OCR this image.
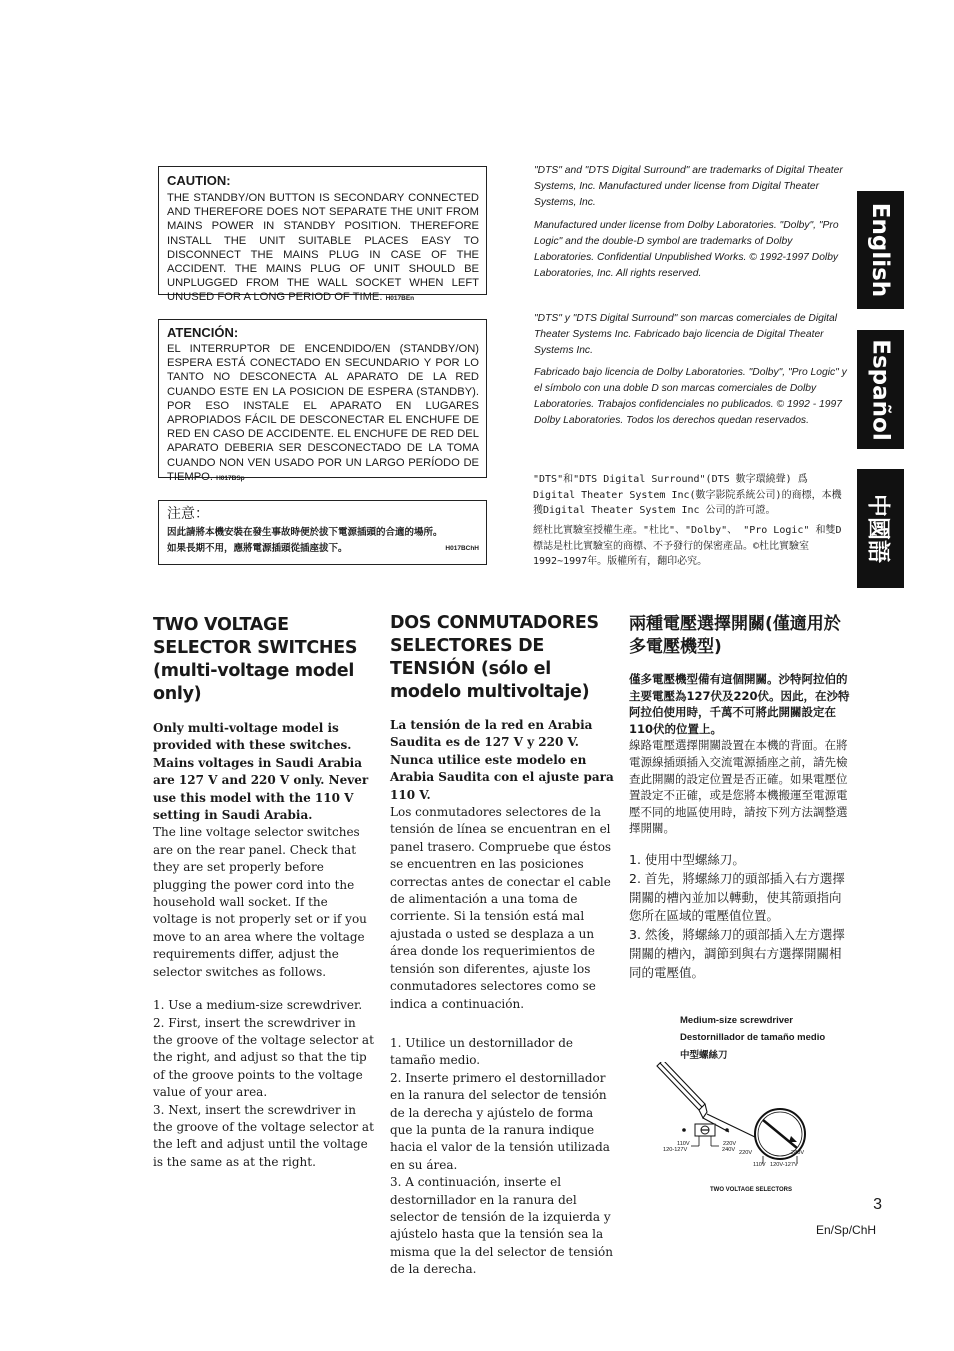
CAUTION:
THE STANDBY/ON BUTTON IS SECONDARY CONNECTED AND THEREFORE DOES NOT SEPARATE THE UNIT FROM MAINS POWER IN STANDBY POSITION. THEREFORE INSTALL THE UNIT SUITABLE PLACES EASY TO DISCONNECT THE MAINS PLUG IN CASE OF THE ACCIDENT. THE MAINS PLUG OF UNIT SHOULD BE UNPLUGGED FROM THE WALL SOCKET WHEN LEFT UNUSED FOR A LONG PERIOD OF TIME. H017BEn
ATENCIÓN:
EL INTERRUPTOR DE ENCENDIDO/EN (STANDBY/ON) ESPERA ESTÁ CONECTADO EN SECUNDARIO Y POR LO TANTO NO DESCONECTA AL APARATO DE LA RED CUANDO ESTE EN LA POSICION DE ESPERA (STANDBY). POR ESO INSTALE EL APARATO EN LUGARES APROPIADOS FÁCIL DE DESCONECTAR EL ENCHUFE DE RED EN CASO DE ACCIDENTE. EL ENCHUFE DE RED DEL APARATO DEBERIA SER DESCONECTADO DE LA TOMA CUANDO NON VEN USADO POR UN LARGO PERÍODO DE TIEMPO. H017BSp
注意：
因此請將本機安裝在發生事故時便於拔下電源插頭的合適的場所。
如果長期不用，應將電源插頭從插座拔下。	H017BChH
"DTS" and "DTS Digital Surround" are trademarks of Digital Theater Systems, Inc. Manufactured under license from Digital Theater Systems, Inc.
Manufactured under license from Dolby Laboratories. "Dolby", "Pro Logic" and the double-D symbol are trademarks of Dolby Laboratories. Confidential Unpublished Works. © 1992-1997 Dolby Laboratories, Inc. All rights reserved.
"DTS" y "DTS Digital Surround" son marcas comerciales de Digital Theater Systems Inc. Fabricado bajo licencia de Digital Theater Systems Inc.
Fabricado bajo licencia de Dolby Laboratories. "Dolby", "Pro Logic" y el símbolo con una doble D son marcas comerciales de Dolby Laboratories. Trabajos confidenciales no publicados. © 1992 - 1997 Dolby Laboratories. Todos los derechos quedan reservados.
"DTS"和"DTS Digital Surround"(DTS 數字環繞聲) 爲 Digital Theater System Inc(數字影院系統公司)的商標，本機獲Digital Theater System Inc 公司的許可證。
經杜比實驗室授權生產。"杜比"、"Dolby"、 "Pro Logic" 和雙D標誌是杜比實驗室的商標、不予發行的保密產品。©杜比實驗室1992~1997年。版權所有，翻印必究。
English
Español
中國語
TWO VOLTAGE SELECTOR SWITCHES (multi-voltage model only)
Only multi-voltage model is provided with these switches. Mains voltages in Saudi Arabia are 127 V and 220 V only. Never use this model with the 110 V setting in Saudi Arabia.
The line voltage selector switches are on the rear panel. Check that they are set properly before plugging the power cord into the household wall socket. If the voltage is not properly set or if you move to an area where the voltage requirements differ, adjust the selector switches as follows.
1. Use a medium-size screwdriver.
2. First, insert the screwdriver in the groove of the voltage selector at the right, and adjust so that the tip of the groove points to the voltage value of your area.
3. Next, insert the screwdriver in the groove of the voltage selector at the left and adjust until the voltage is the same as at the right.
DOS CONMUTADORES SELECTORES DE TENSIÓN (sólo el modelo multivoltaje)
La tensión de la red en Arabia Saudita es de 127 V y 220 V. Nunca utilice este modelo en Arabia Saudita con el ajuste para 110 V.
Los conmutadores selectores de la tensión de línea se encuentran en el panel trasero. Compruebe que éstos se encuentren en las posiciones correctas antes de conectar el cable de alimentación a una toma de corriente. Si la tensión está mal ajustada o usted se desplaza a un área donde los requerimientos de tensión son diferentes, ajuste los conmutadores selectores como se indica a continuación.
1. Utilice un destornillador de tamaño medio.
2. Inserte primero el destornillador en la ranura del selector de tensión de la derecha y ajústelo de forma que la punta de la ranura indique hacia el valor de la tensión utilizada en su área.
3. A continuación, inserte el destornillador en la ranura del selector de tensión de la izquierda y ajústelo hasta que la tensión sea la misma que la del selector de tensión de la derecha.
兩種電壓選擇開關(僅適用於多電壓機型)
僅多電壓機型備有這個開關。沙特阿拉伯的主要電壓為127伏及220伏。因此，在沙特阿拉伯使用時，千萬不可將此開關設定在110伏的位置上。
線路電壓選擇開關設置在本機的背面。在將電源線插頭插入交流電源插座之前，請先檢查此開關的設定位置是否正確。如果電壓位置設定不正確，或是您將本機搬運至電源電壓不同的地區使用時，請按下列方法調整選擇開關。
1. 使用中型螺絲刀。
2. 首先，將螺絲刀的頭部插入右方選擇開關的槽內並加以轉動，使其箭頭指向您所在區域的電壓值位置。
3. 然後，將螺絲刀的頭部插入左方選擇開關的槽內，調節到與右方選擇開關相同的電壓值。
Medium-size screwdriver
Destornillador de tamaño medio
中型螺絲刀
110V
120-127V
220V
240V 220V	240V
110V 120V-127V
TWO VOLTAGE SELECTORS
3
En/Sp/ChH
